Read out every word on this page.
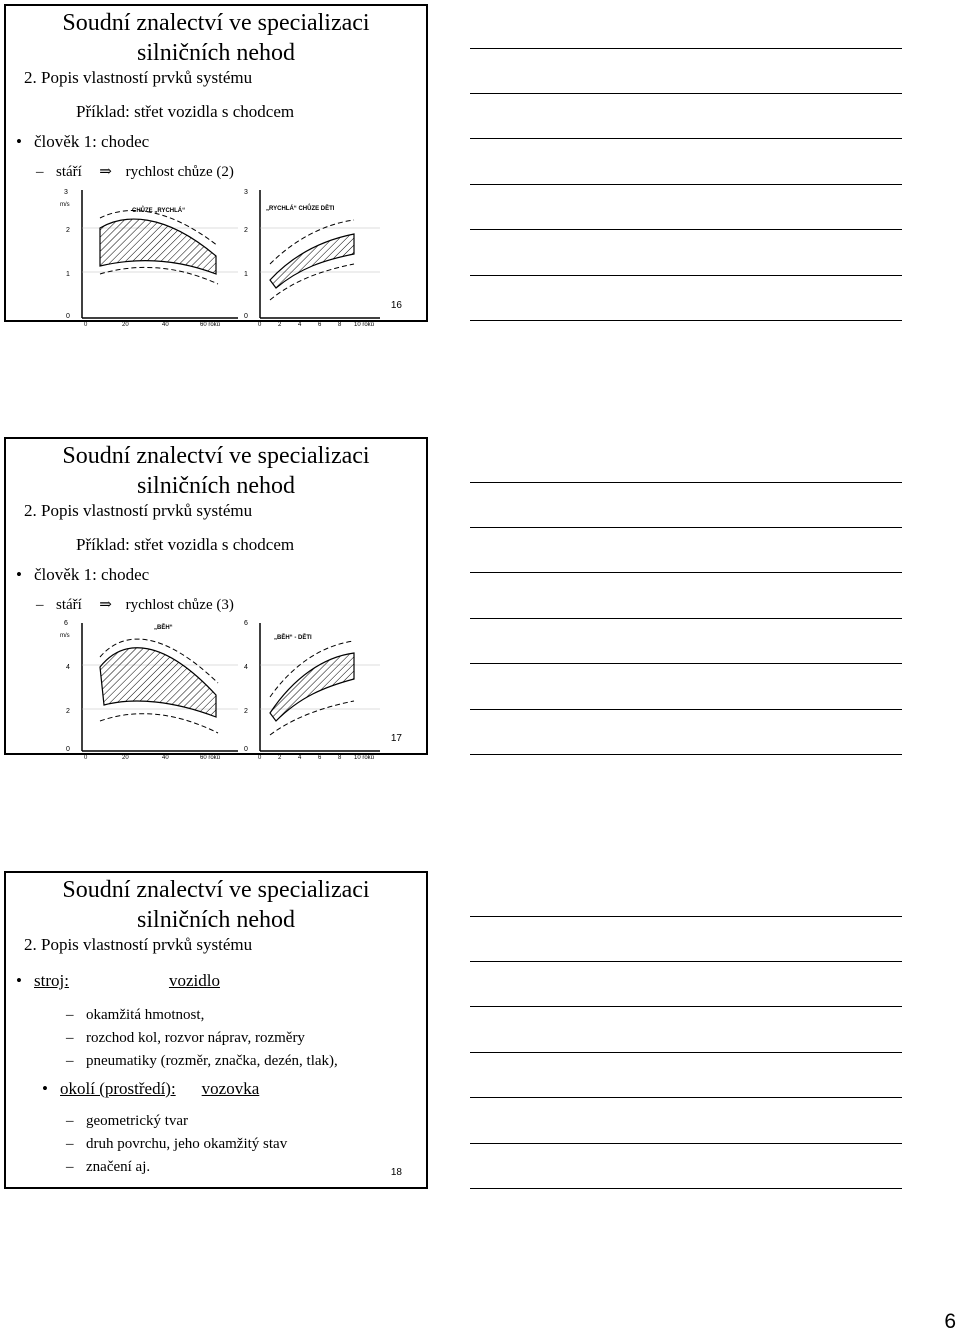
Soudní znalectví ve specializaci
silničních nehod
2. Popis vlastností prvků systému
Příklad: střet vozidla s chodcem
• člověk 1: chodec
– stáří ⇒ rychlost chůze (2)
3
m/s
2
1
0
0	20	40	60 roků
CHŮZE „RYCHLÁ“
3
2
1
0
0	2	4	6	8 10 roků
„RYCHLÁ“ CHŮZE DĚTI
16
Soudní znalectví ve specializaci
silničních nehod
2. Popis vlastností prvků systému
Příklad: střet vozidla s chodcem
• člověk 1: chodec
– stáří ⇒ rychlost chůze (3)
6
m/s
4
2
0
0	20	40	60 roků
„BĚH“
6
4
2
0
0	2	4	6	8 10 roků
„BĚH“ - DĚTI
17
Soudní znalectví ve specializaci
silničních nehod
2. Popis vlastností prvků systému
• stroj:	vozidlo
– okamžitá hmotnost,
– rozchod kol, rozvor náprav, rozměry
– pneumatiky (rozměr, značka, dezén, tlak),
• okolí (prostředí): vozovka
– geometrický tvar
– druh povrchu, jeho okamžitý stav
– značení aj.	18
6
